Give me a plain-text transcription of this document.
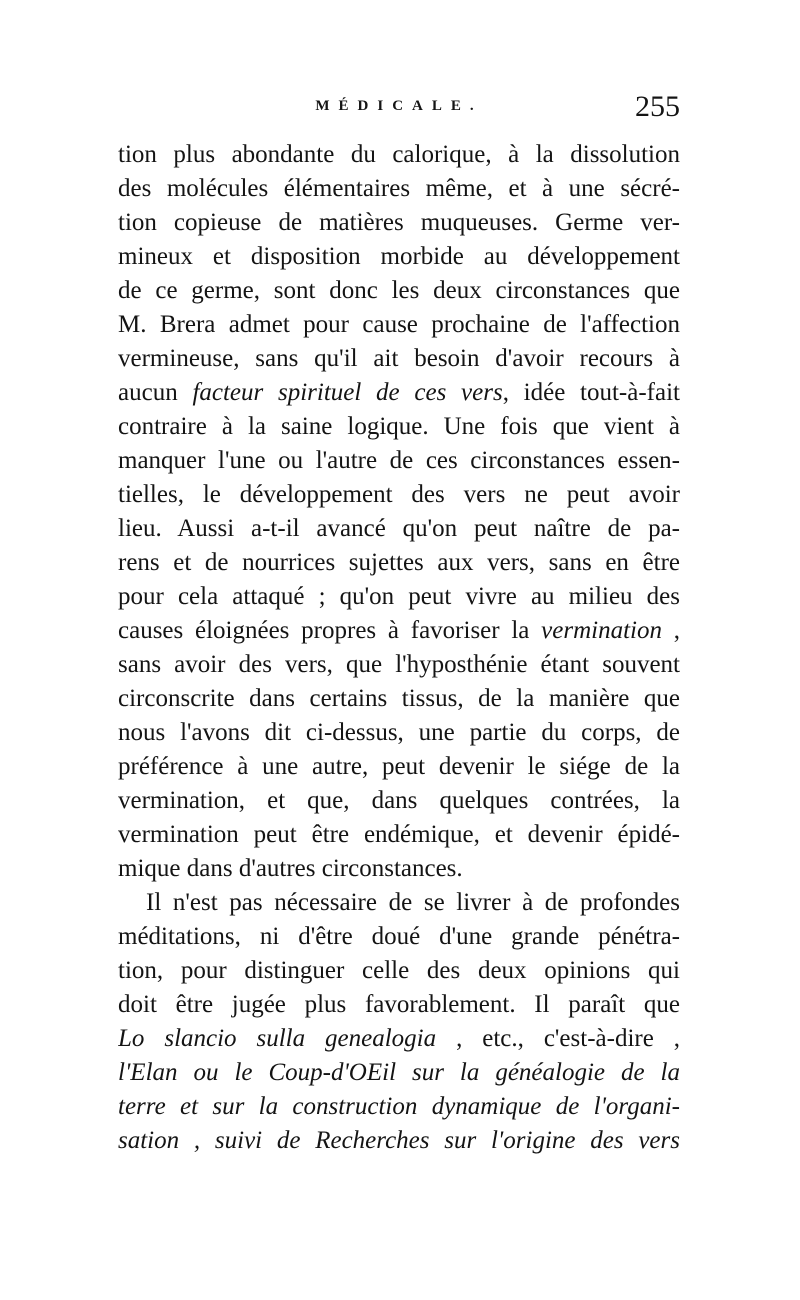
MÉDICALE.	255
tion plus abondante du calorique, à la dissolution
des molécules élémentaires même, et à une sécré-
tion copieuse de matières muqueuses. Germe ver-
mineux et disposition morbide au développement
de ce germe, sont donc les deux circonstances que
M. Brera admet pour cause prochaine de l'affection
vermineuse, sans qu'il ait besoin d'avoir recours à
aucun facteur spirituel de ces vers, idée tout-à-fait
contraire à la saine logique. Une fois que vient à
manquer l'une ou l'autre de ces circonstances essen-
tielles, le développement des vers ne peut avoir
lieu. Aussi a-t-il avancé qu'on peut naître de pa-
rens et de nourrices sujettes aux vers, sans en être
pour cela attaqué ; qu'on peut vivre au milieu des
causes éloignées propres à favoriser la vermination ,
sans avoir des vers, que l'hyposthénie étant souvent
circonscrite dans certains tissus, de la manière que
nous l'avons dit ci-dessus, une partie du corps, de
préférence à une autre, peut devenir le siége de la
vermination, et que, dans quelques contrées, la
vermination peut être endémique, et devenir épidé-
mique dans d'autres circonstances.
Il n'est pas nécessaire de se livrer à de profondes
méditations, ni d'être doué d'une grande pénétra-
tion, pour distinguer celle des deux opinions qui
doit être jugée plus favorablement. Il paraît que
Lo slancio sulla genealogia , etc., c'est-à-dire ,
l'Elan ou le Coup-d'OEil sur la généalogie de la
terre et sur la construction dynamique de l'organi-
sation , suivi de Recherches sur l'origine des vers
